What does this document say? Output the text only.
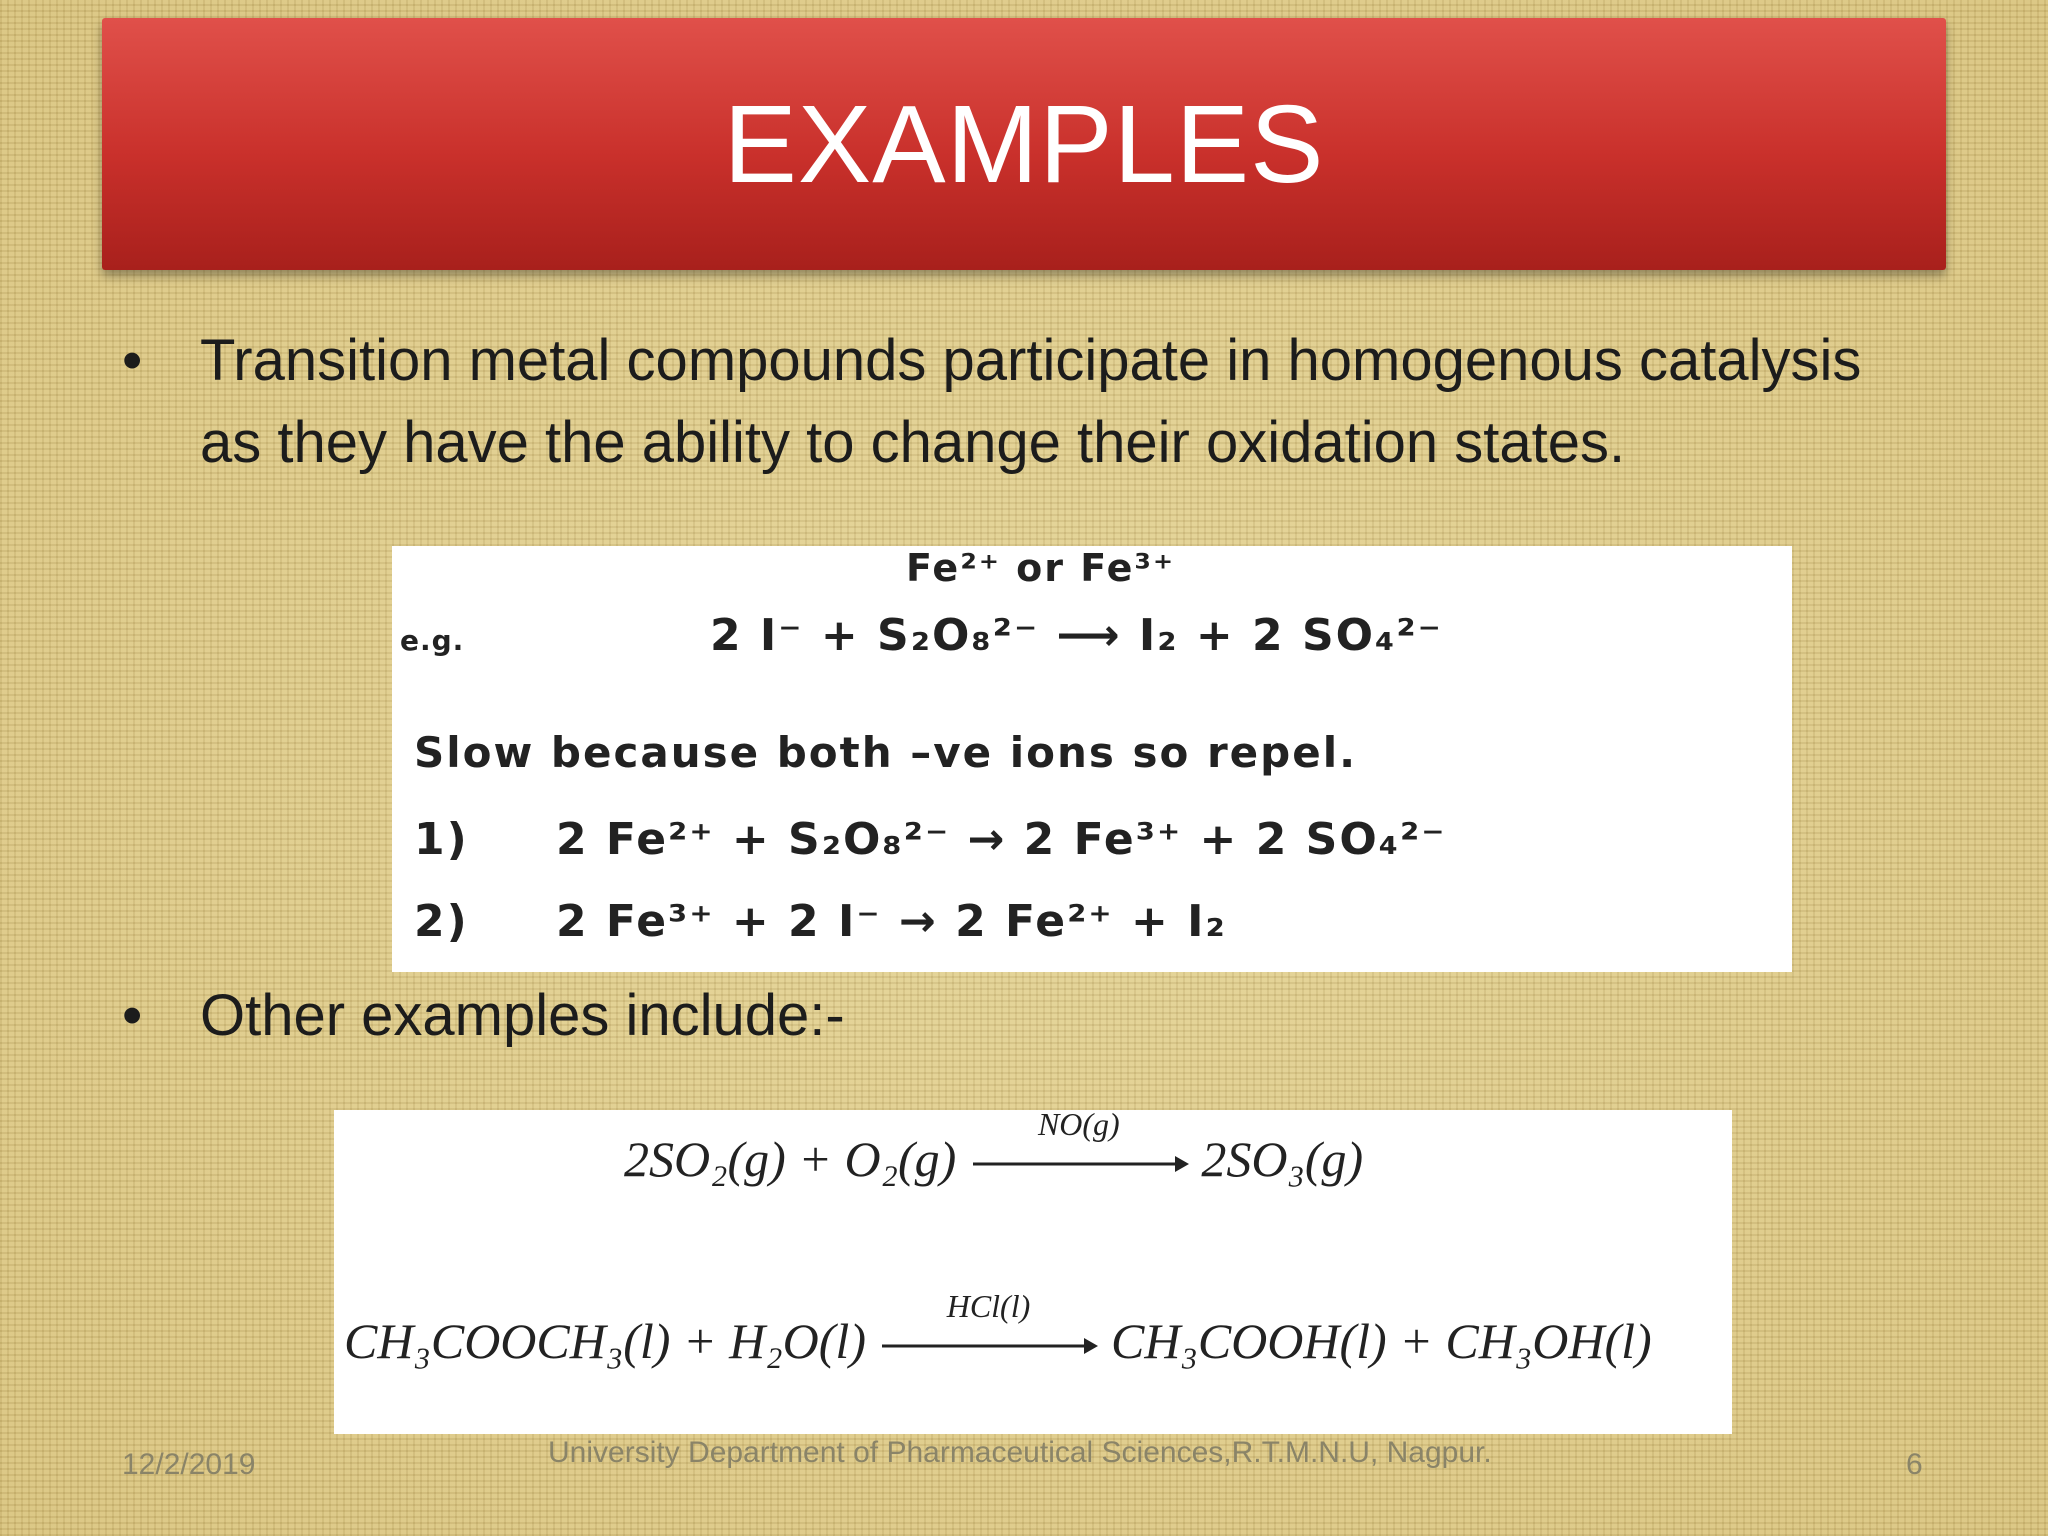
EXAMPLES
• Transition metal compounds participate in homogenous catalysis as they have the ability to change their oxidation states.
Fe²⁺ or Fe³⁺
e.g.	2 I⁻ + S₂O₈²⁻ ⟶ I₂ + 2 SO₄²⁻
Slow because both –ve ions so repel.
1) 2 Fe²⁺ + S₂O₈²⁻ → 2 Fe³⁺ + 2 SO₄²⁻
2) 2 Fe³⁺ + 2 I⁻ → 2 Fe²⁺ + I₂
• Other examples include:-
2SO₂(g) + O₂(g)
NO(g)
2SO₃(g)
CH₃COOCH₃(l) + H₂O(l)
HCl(l)
CH₃COOH(l) + CH₃OH(l)
12/2/2019	University Department of Pharmaceutical Sciences,R.T.M.N.U, Nagpur.	6
